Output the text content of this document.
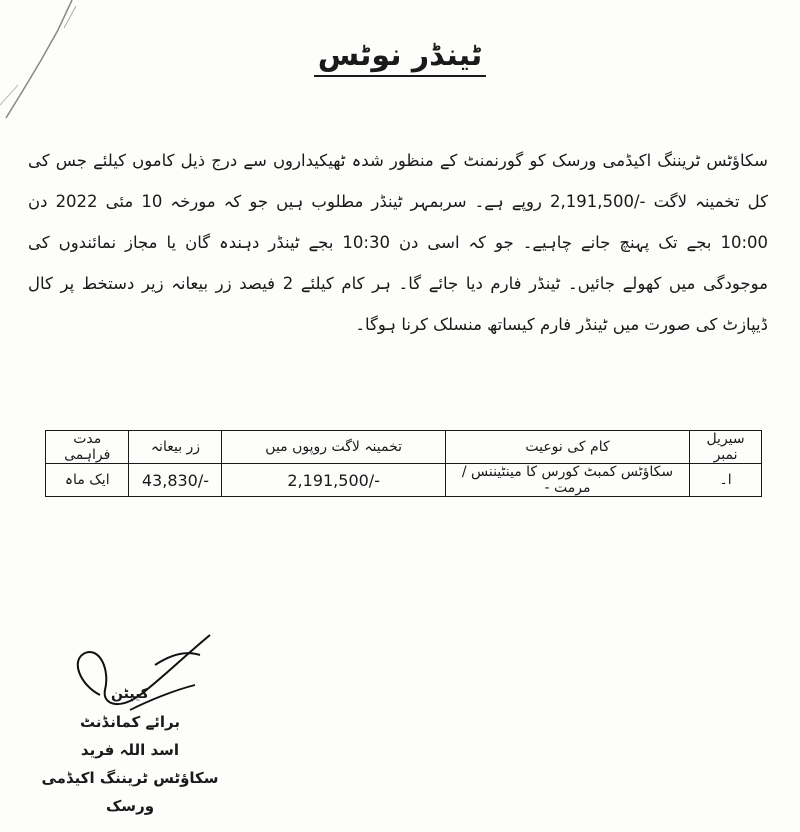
ٹینڈر نوٹس

سکاؤٹس ٹریننگ اکیڈمی ورسک کو گورنمنٹ کے منظور شدہ ٹھیکیداروں سے درج ذیل کاموں کیلئے جس کی کل تخمینہ لاگت -/2,191,500 روپے ہے۔ سربمہر ٹینڈر مطلوب ہیں جو کہ مورخہ 10 مئی 2022 دن 10:00 بجے تک پہنچ جانے چاہیے۔ جو کہ اسی دن 10:30 بجے ٹینڈر دہندہ گان یا مجاز نمائندوں کی موجودگی میں کھولے جائیں۔ ٹینڈر فارم دیا جائے گا۔ ہر کام کیلئے 2 فیصد زر بیعانہ زیر دستخط پر کال ڈیپازٹ کی صورت میں ٹینڈر فارم کیساتھ منسلک کرنا ہوگا۔

سیریل نمبر	کام کی نوعیت	تخمینہ لاگت روپوں میں	زر بیعانہ	مدت فراہمی
ا۔	سکاؤٹس کمبٹ کورس کا مینٹیننس / مرمت -	2,191,500/-	43,830/-	ایک ماہ
کیپٹن
برائے کمانڈنٹ
اسد اللہ فرید
سکاؤٹس ٹریننگ اکیڈمی ورسک
